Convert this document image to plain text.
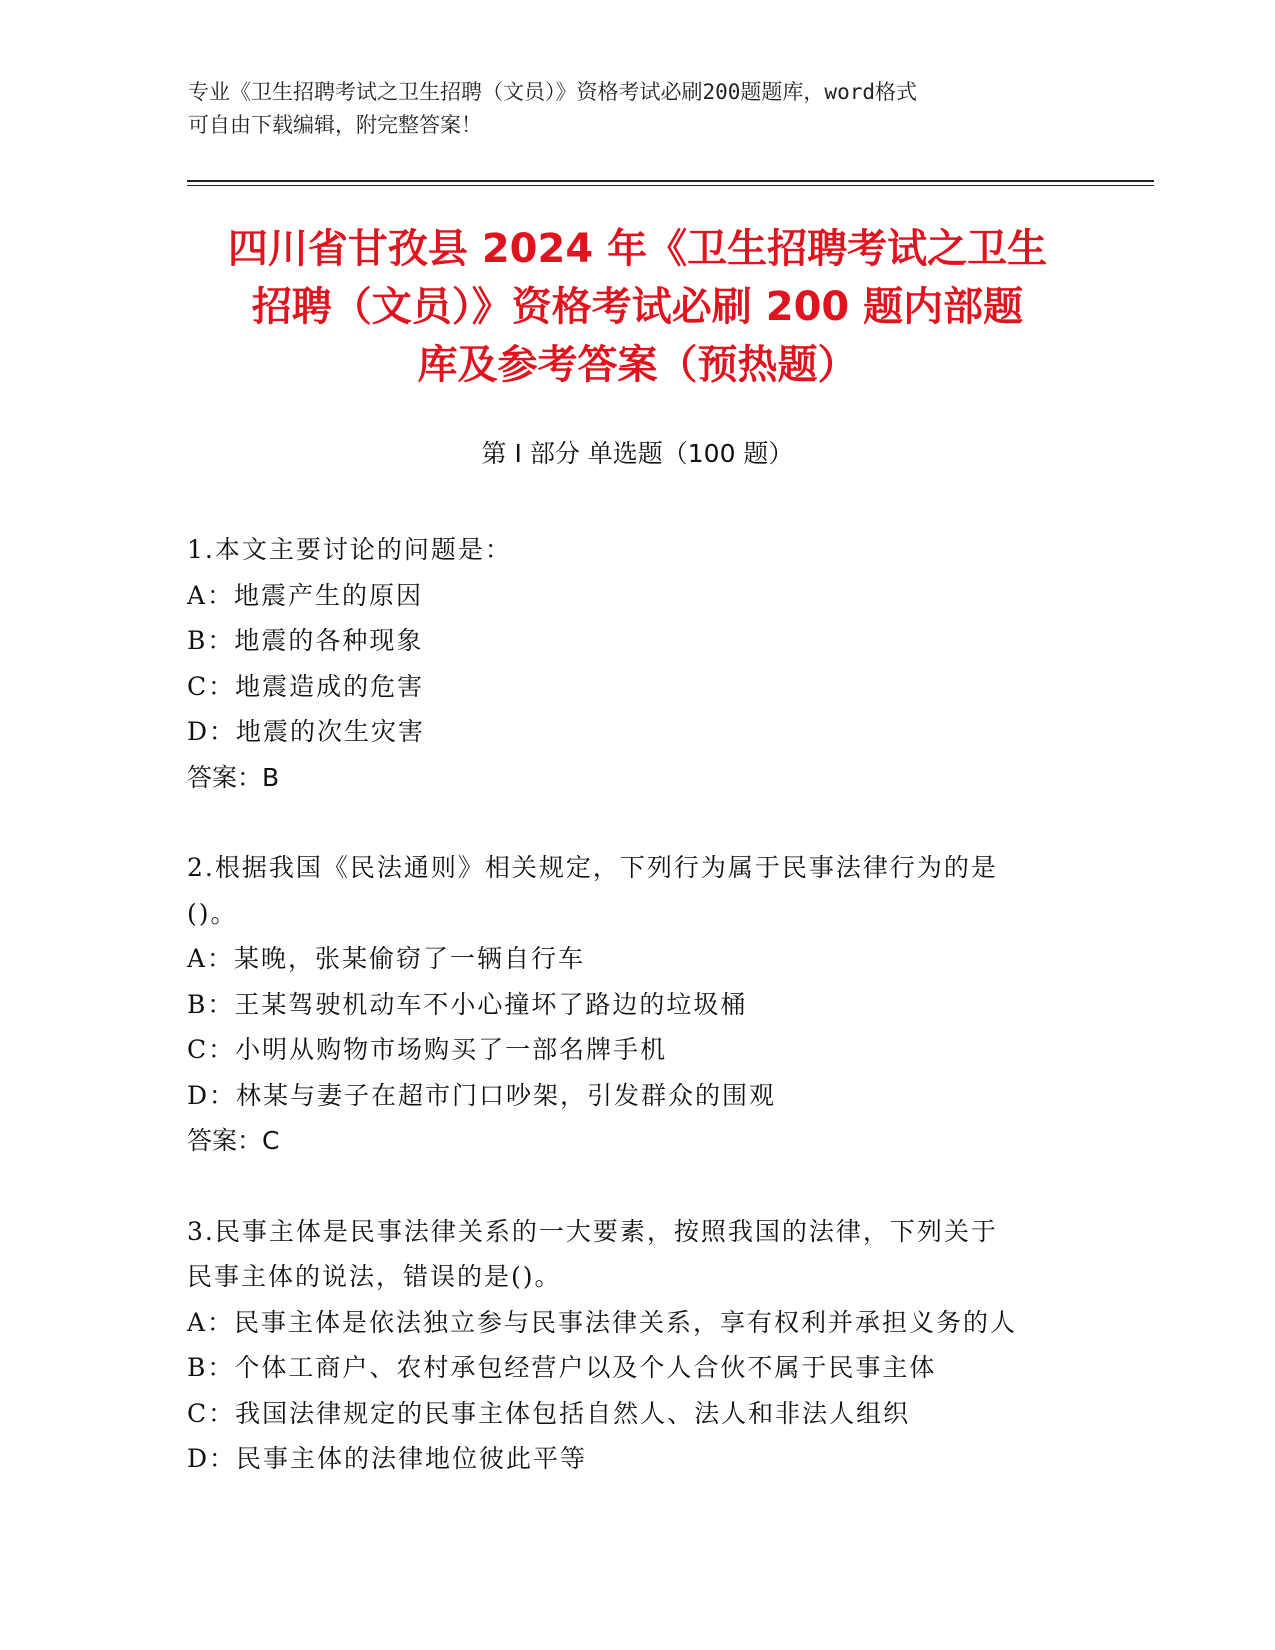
专业《卫生招聘考试之卫生招聘（文员）》资格考试必刷200题题库，word格式
可自由下载编辑，附完整答案！
四川省甘孜县 2024 年《卫生招聘考试之卫生
招聘（文员）》资格考试必刷 200 题内部题
库及参考答案（预热题）
第 I 部分 单选题（100 题）
1.本文主要讨论的问题是：
A：地震产生的原因
B：地震的各种现象
C：地震造成的危害
D：地震的次生灾害
答案：B
2.根据我国《民法通则》相关规定，下列行为属于民事法律行为的是
()。
A：某晚，张某偷窃了一辆自行车
B：王某驾驶机动车不小心撞坏了路边的垃圾桶
C：小明从购物市场购买了一部名牌手机
D：林某与妻子在超市门口吵架，引发群众的围观
答案：C
3.民事主体是民事法律关系的一大要素，按照我国的法律，下列关于
民事主体的说法，错误的是()。
A：民事主体是依法独立参与民事法律关系，享有权利并承担义务的人
B：个体工商户、农村承包经营户以及个人合伙不属于民事主体
C：我国法律规定的民事主体包括自然人、法人和非法人组织
D：民事主体的法律地位彼此平等
